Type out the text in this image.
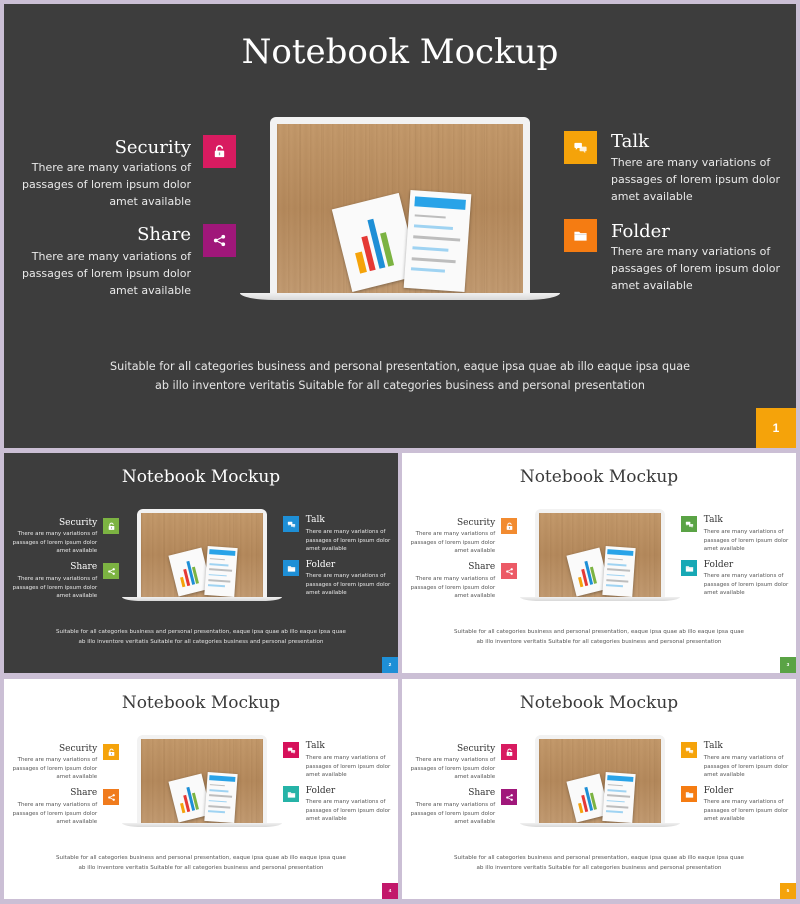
Notebook Mockup
Security
There are many variations of
passages of lorem ipsum dolor
amet available
Share
There are many variations of
passages of lorem ipsum dolor
amet available
Talk
There are many variations of
passages of lorem ipsum dolor
amet available
Folder
There are many variations of
passages of lorem ipsum dolor
amet available
Suitable for all categories business and personal presentation, eaque ipsa quae ab illo eaque ipsa quae
ab illo inventore veritatis Suitable for all categories business and personal presentation
1
Notebook Mockup
Security
There are many variations of
passages of lorem ipsum dolor
amet available
Share
There are many variations of
passages of lorem ipsum dolor
amet available
Talk
There are many variations of
passages of lorem ipsum dolor
amet available
Folder
There are many variations of
passages of lorem ipsum dolor
amet available
Suitable for all categories business and personal presentation, eaque ipsa quae ab illo eaque ipsa quae
ab illo inventore veritatis Suitable for all categories business and personal presentation
2
Notebook Mockup
Security
There are many variations of
passages of lorem ipsum dolor
amet available
Share
There are many variations of
passages of lorem ipsum dolor
amet available
Talk
There are many variations of
passages of lorem ipsum dolor
amet available
Folder
There are many variations of
passages of lorem ipsum dolor
amet available
Suitable for all categories business and personal presentation, eaque ipsa quae ab illo eaque ipsa quae
ab illo inventore veritatis Suitable for all categories business and personal presentation
3
Notebook Mockup
Security
There are many variations of
passages of lorem ipsum dolor
amet available
Share
There are many variations of
passages of lorem ipsum dolor
amet available
Talk
There are many variations of
passages of lorem ipsum dolor
amet available
Folder
There are many variations of
passages of lorem ipsum dolor
amet available
Suitable for all categories business and personal presentation, eaque ipsa quae ab illo eaque ipsa quae
ab illo inventore veritatis Suitable for all categories business and personal presentation
4
Notebook Mockup
Security
There are many variations of
passages of lorem ipsum dolor
amet available
Share
There are many variations of
passages of lorem ipsum dolor
amet available
Talk
There are many variations of
passages of lorem ipsum dolor
amet available
Folder
There are many variations of
passages of lorem ipsum dolor
amet available
Suitable for all categories business and personal presentation, eaque ipsa quae ab illo eaque ipsa quae
ab illo inventore veritatis Suitable for all categories business and personal presentation
5
